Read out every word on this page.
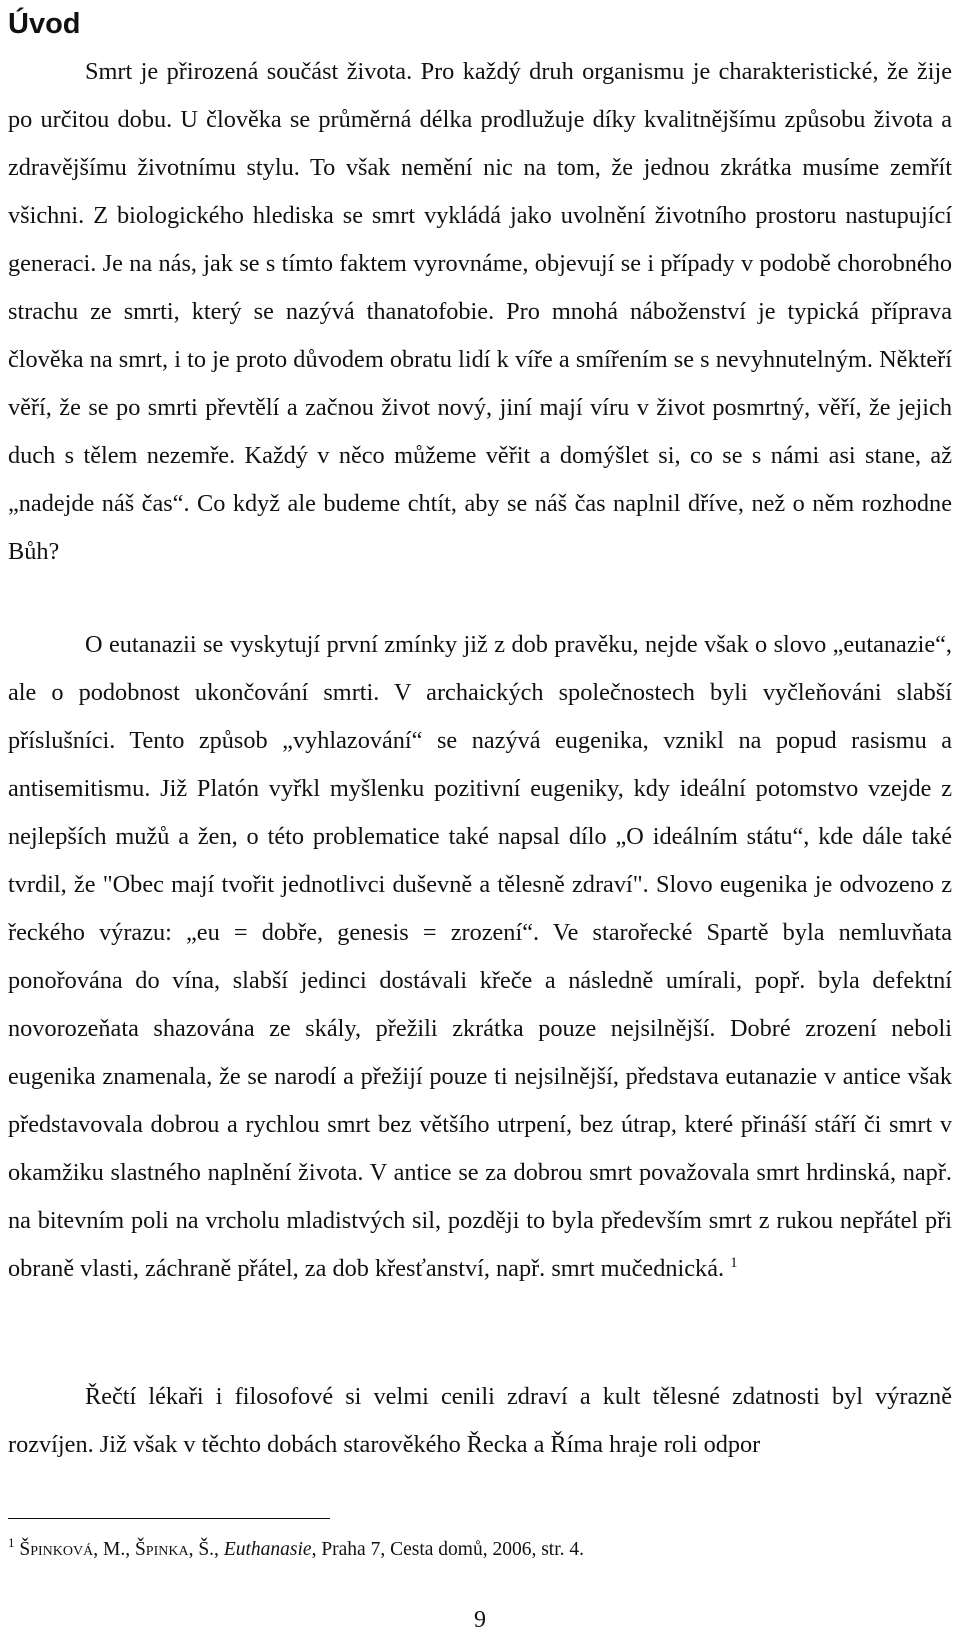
Úvod

Smrt je přirozená součást života. Pro každý druh organismu je charakteristické, že žije po určitou dobu. U člověka se průměrná délka prodlužuje díky kvalitnějšímu způsobu života a zdravějšímu životnímu stylu. To však nemění nic na tom, že jednou zkrátka musíme zemřít všichni. Z biologického hlediska se smrt vykládá jako uvolnění životního prostoru nastupující generaci. Je na nás, jak se s tímto faktem vyrovnáme, objevují se i případy v podobě chorobného strachu ze smrti, který se nazývá thanatofobie. Pro mnohá náboženství je typická příprava člověka na smrt, i to je proto důvodem obratu lidí k víře a smířením se s nevyhnutelným. Někteří věří, že se po smrti převtělí a začnou život nový, jiní mají víru v život posmrtný, věří, že jejich duch s tělem nezemře. Každý v něco můžeme věřit a domýšlet si, co se s námi asi stane, až „nadejde náš čas“. Co když ale budeme chtít, aby se náš čas naplnil dříve, než o něm rozhodne Bůh?

O eutanazii se vyskytují první zmínky již z dob pravěku, nejde však o slovo „eutanazie“, ale o podobnost ukončování smrti. V archaických společnostech byli vyčleňováni slabší příslušníci. Tento způsob „vyhlazování“ se nazývá eugenika, vznikl na popud rasismu a antisemitismu. Již Platón vyřkl myšlenku pozitivní eugeniky, kdy ideální potomstvo vzejde z nejlepších mužů a žen, o této problematice také napsal dílo „O ideálním státu“, kde dále také tvrdil, že "Obec mají tvořit jednotlivci duševně a tělesně zdraví". Slovo eugenika je odvozeno z řeckého výrazu: „eu = dobře, genesis = zrození“. Ve starořecké Spartě byla nemluvňata ponořována do vína, slabší jedinci dostávali křeče a následně umírali, popř. byla defektní novorozeňata shazována ze skály, přežili zkrátka pouze nejsilnější. Dobré zrození neboli eugenika znamenala, že se narodí a přežijí pouze ti nejsilnější, představa eutanazie v antice však představovala dobrou a rychlou smrt bez většího utrpení, bez útrap, které přináší stáří či smrt v okamžiku slastného naplnění života. V antice se za dobrou smrt považovala smrt hrdinská, např. na bitevním poli na vrcholu mladistvých sil, později to byla především smrt z rukou nepřátel při obraně vlasti, záchraně přátel, za dob křesťanství, např. smrt mučednická. $^1$

Řečtí lékaři i filosofové si velmi cenili zdraví a kult tělesné zdatnosti byl výrazně rozvíjen. Již však v těchto dobách starověkého Řecka a Říma hraje roli odpor

$^1$ Špinková, M., Špinka, Š., Euthanasie, Praha 7, Cesta domů, 2006, str. 4.

9
